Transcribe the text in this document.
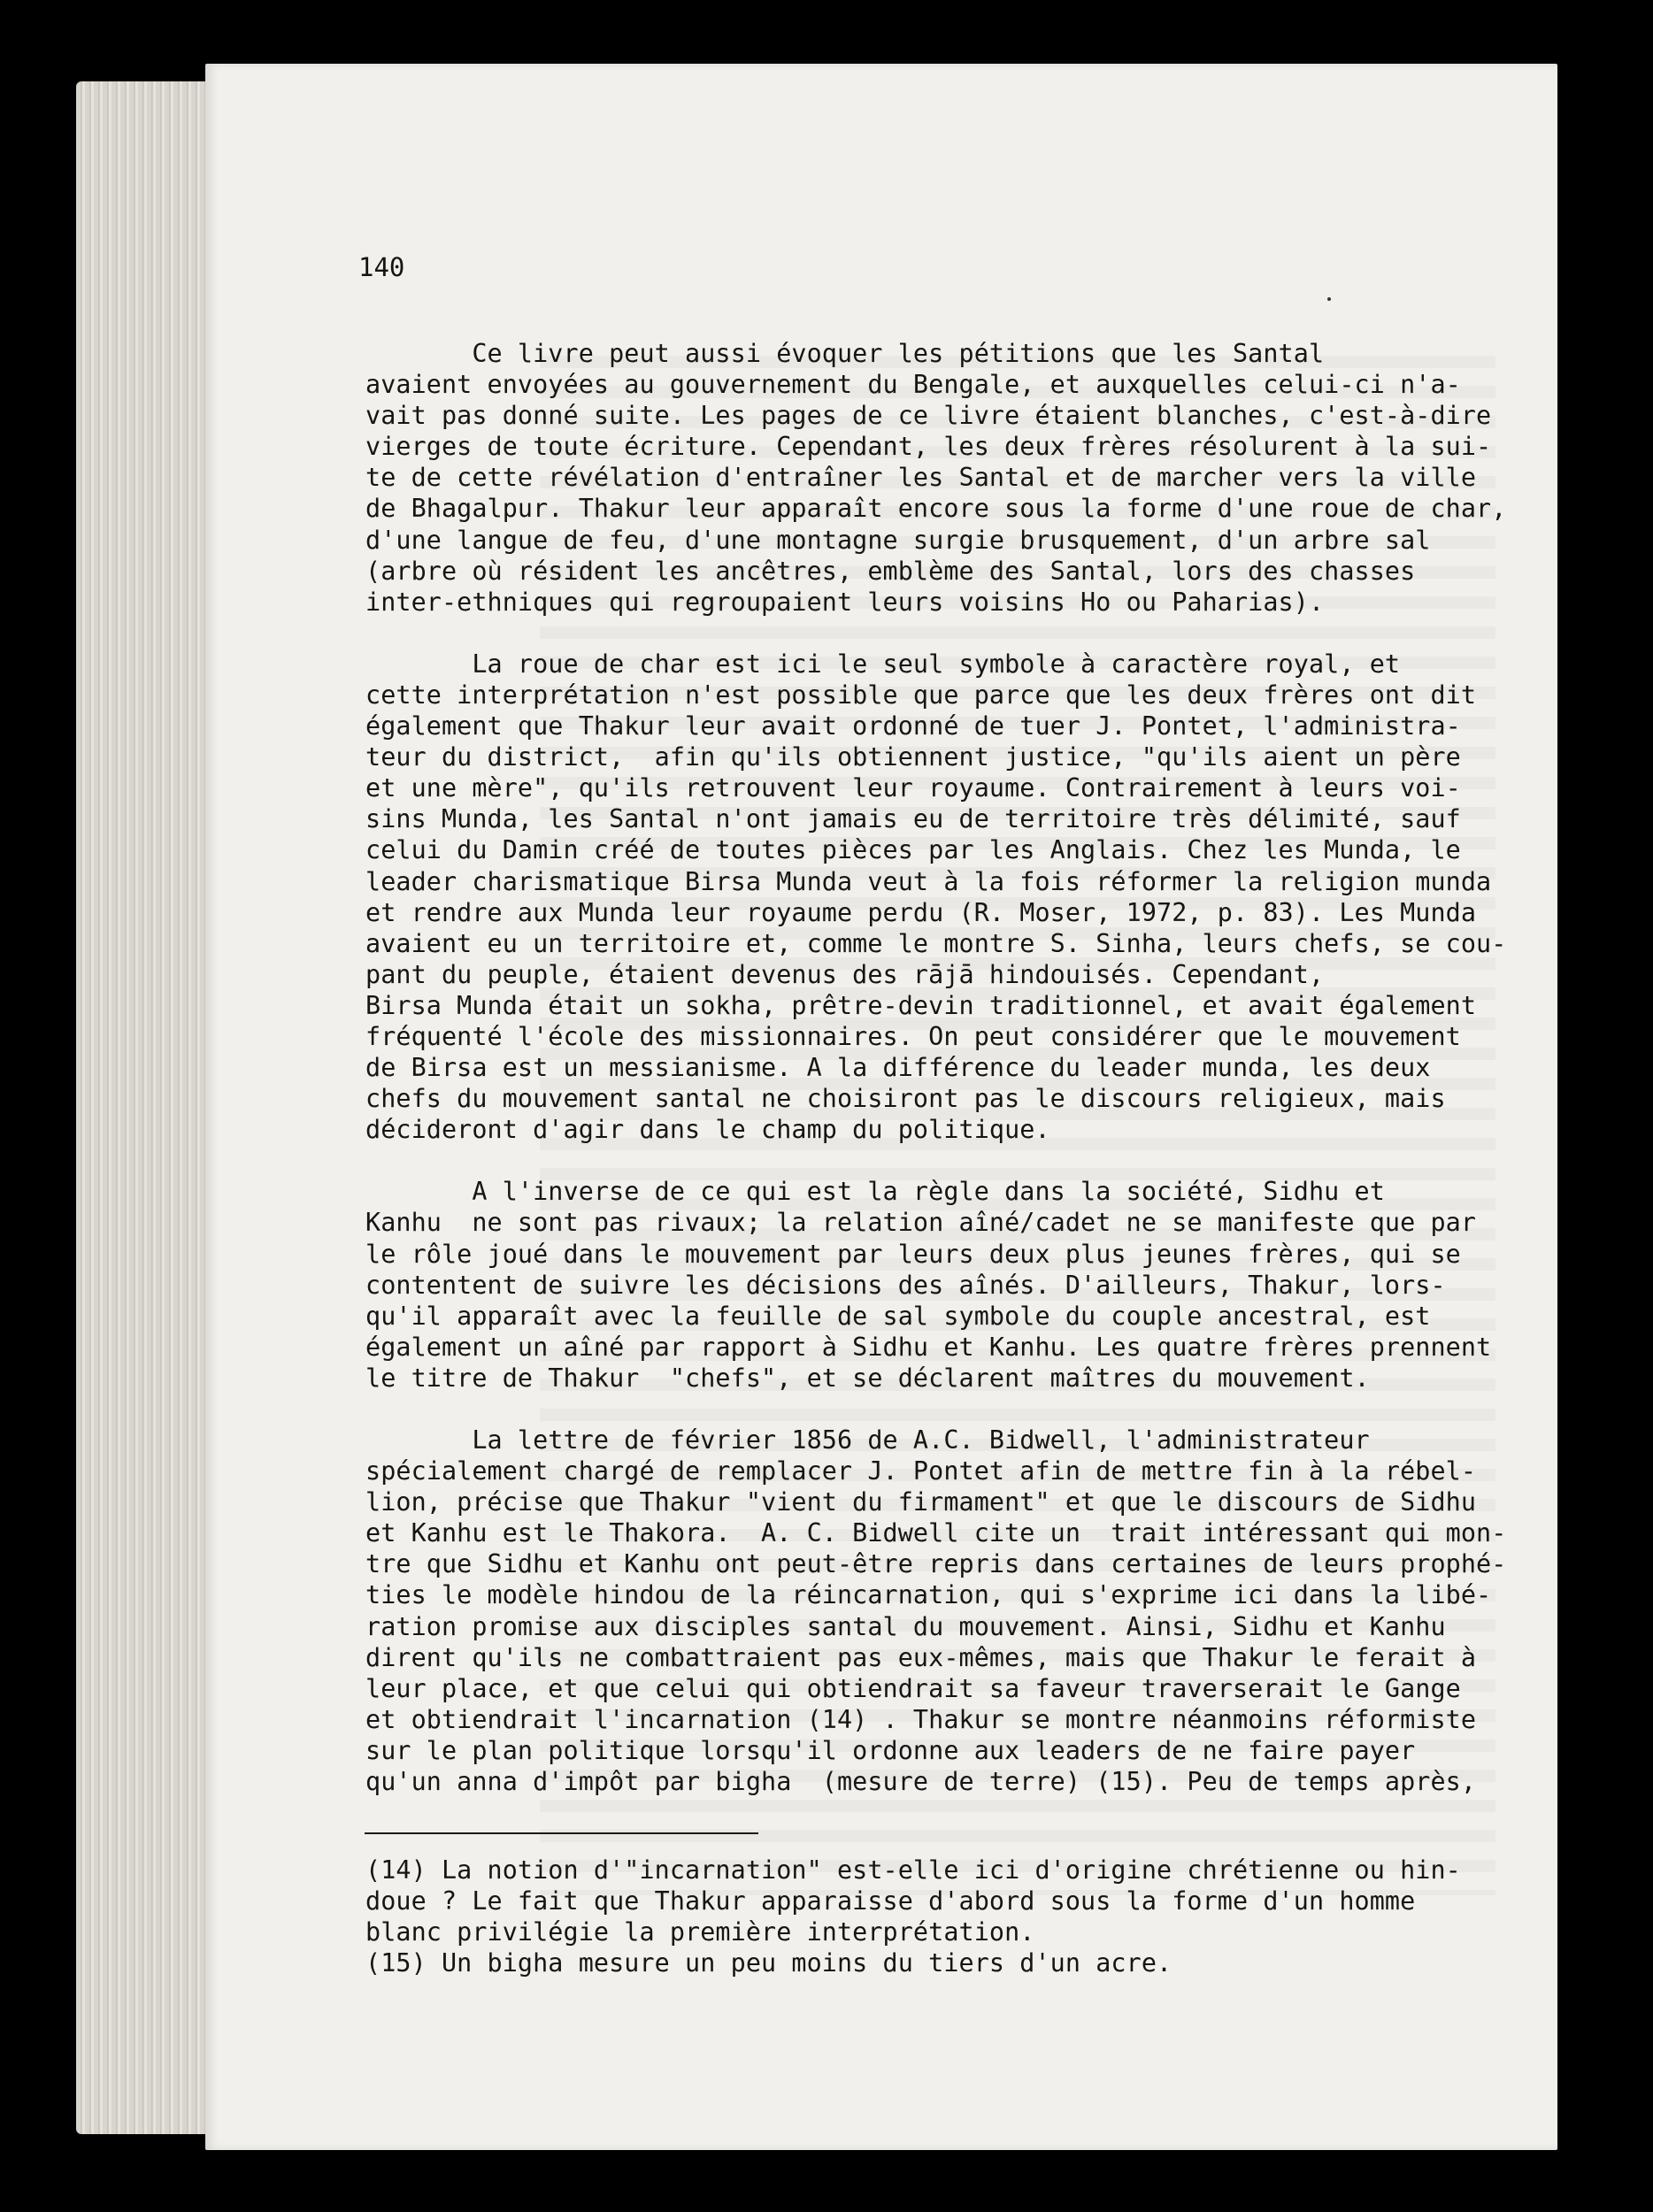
140
Ce livre peut aussi évoquer les pétitions que les Santal
avaient envoyées au gouvernement du Bengale, et auxquelles celui-ci n'a-
vait pas donné suite. Les pages de ce livre étaient blanches, c'est-à-dire
vierges de toute écriture. Cependant, les deux frères résolurent à la sui-
te de cette révélation d'entraîner les Santal et de marcher vers la ville
de Bhagalpur. Thakur leur apparaît encore sous la forme d'une roue de char,
d'une langue de feu, d'une montagne surgie brusquement, d'un arbre sal
(arbre où résident les ancêtres, emblème des Santal, lors des chasses
inter-ethniques qui regroupaient leurs voisins Ho ou Paharias).
La roue de char est ici le seul symbole à caractère royal, et
cette interprétation n'est possible que parce que les deux frères ont dit
également que Thakur leur avait ordonné de tuer J. Pontet, l'administra-
teur du district,  afin qu'ils obtiennent justice, "qu'ils aient un père
et une mère", qu'ils retrouvent leur royaume. Contrairement à leurs voi-
sins Munda, les Santal n'ont jamais eu de territoire très délimité, sauf
celui du Damin créé de toutes pièces par les Anglais. Chez les Munda, le
leader charismatique Birsa Munda veut à la fois réformer la religion munda
et rendre aux Munda leur royaume perdu (R. Moser, 1972, p. 83). Les Munda
avaient eu un territoire et, comme le montre S. Sinha, leurs chefs, se cou-
pant du peuple, étaient devenus des rājā hindouisés. Cependant,
Birsa Munda était un sokha, prêtre-devin traditionnel, et avait également
fréquenté l'école des missionnaires. On peut considérer que le mouvement
de Birsa est un messianisme. A la différence du leader munda, les deux
chefs du mouvement santal ne choisiront pas le discours religieux, mais
décideront d'agir dans le champ du politique.
A l'inverse de ce qui est la règle dans la société, Sidhu et
Kanhu  ne sont pas rivaux; la relation aîné/cadet ne se manifeste que par
le rôle joué dans le mouvement par leurs deux plus jeunes frères, qui se
contentent de suivre les décisions des aînés. D'ailleurs, Thakur, lors-
qu'il apparaît avec la feuille de sal symbole du couple ancestral, est
également un aîné par rapport à Sidhu et Kanhu. Les quatre frères prennent
le titre de Thakur  "chefs", et se déclarent maîtres du mouvement.
La lettre de février 1856 de A.C. Bidwell, l'administrateur
spécialement chargé de remplacer J. Pontet afin de mettre fin à la rébel-
lion, précise que Thakur "vient du firmament" et que le discours de Sidhu
et Kanhu est le Thakora.  A. C. Bidwell cite un  trait intéressant qui mon-
tre que Sidhu et Kanhu ont peut-être repris dans certaines de leurs prophé-
ties le modèle hindou de la réincarnation, qui s'exprime ici dans la libé-
ration promise aux disciples santal du mouvement. Ainsi, Sidhu et Kanhu
dirent qu'ils ne combattraient pas eux-mêmes, mais que Thakur le ferait à
leur place, et que celui qui obtiendrait sa faveur traverserait le Gange
et obtiendrait l'incarnation (14) . Thakur se montre néanmoins réformiste
sur le plan politique lorsqu'il ordonne aux leaders de ne faire payer
qu'un anna d'impôt par bigha  (mesure de terre) (15). Peu de temps après,
(14) La notion d'"incarnation" est-elle ici d'origine chrétienne ou hin-
doue ? Le fait que Thakur apparaisse d'abord sous la forme d'un homme
blanc privilégie la première interprétation.
(15) Un bigha mesure un peu moins du tiers d'un acre.
